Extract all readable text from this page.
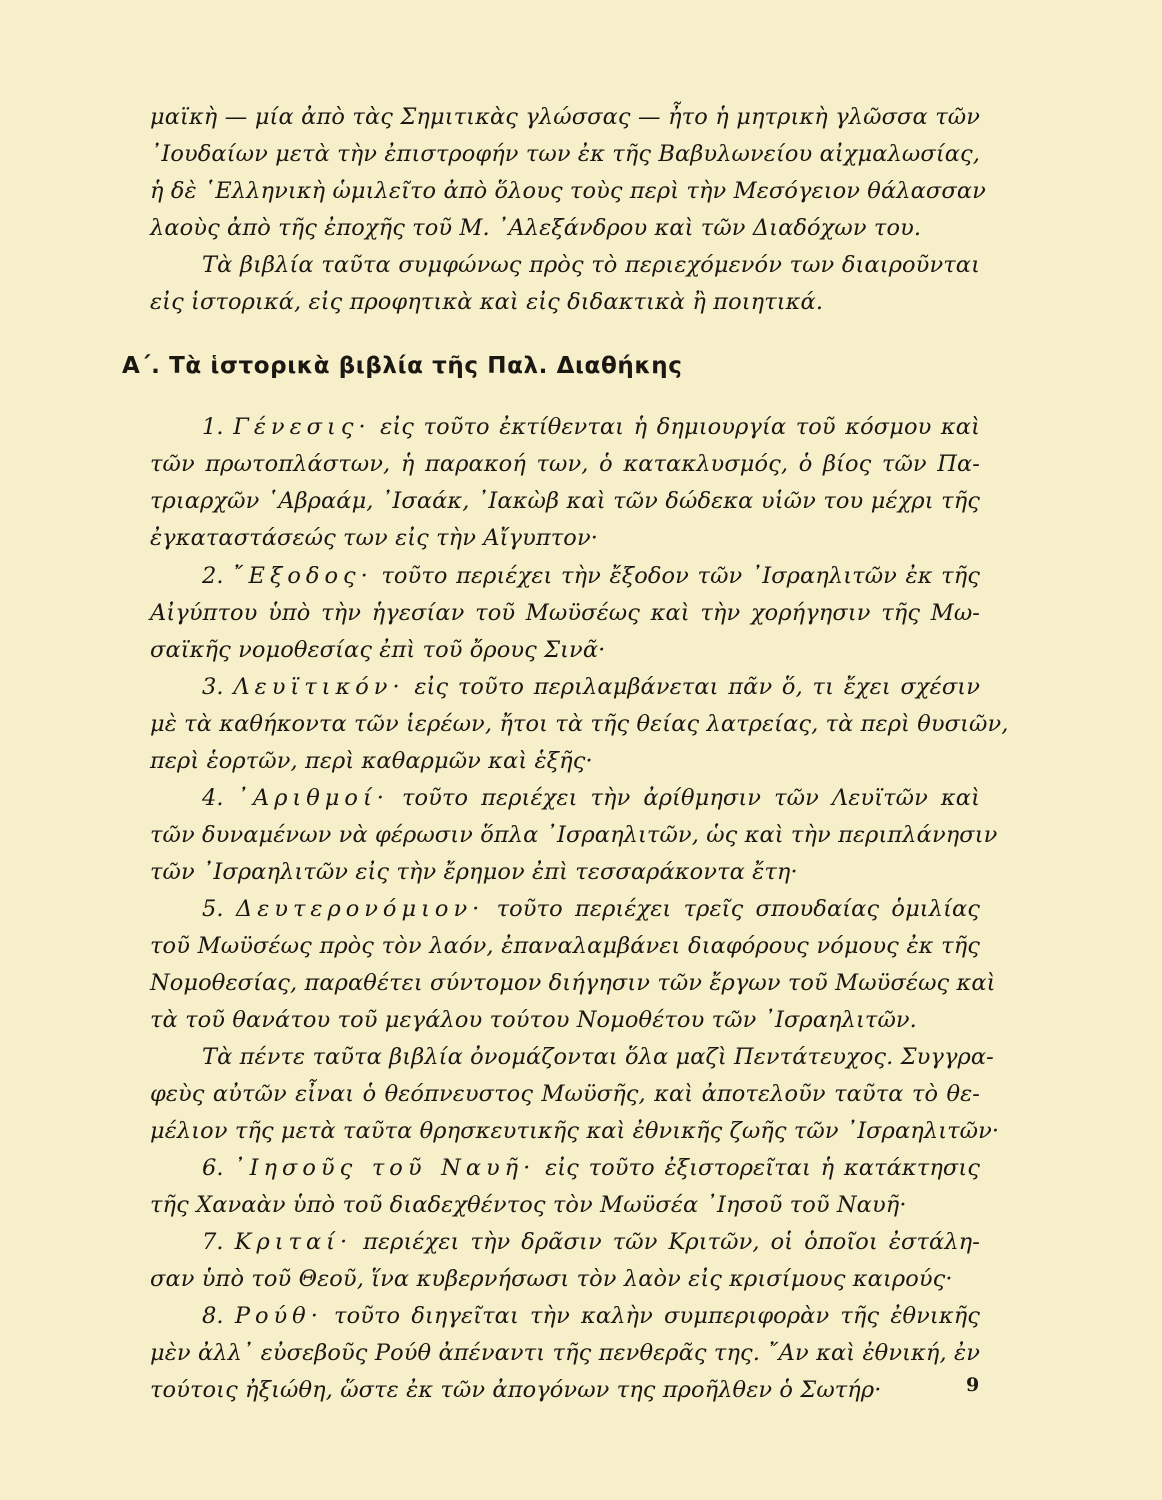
μαϊκὴ — μία ἀπὸ τὰς Σημιτικὰς γλώσσας — ἦτο ἡ μητρικὴ γλῶσσα τῶν
᾿Ιουδαίων μετὰ τὴν ἐπιστροφήν των ἐκ τῆς Βαβυλωνείου αἰχμαλωσίας,
ἡ δὲ ῾Ελληνικὴ ὡμιλεῖτο ἀπὸ ὅλους τοὺς περὶ τὴν Μεσόγειον θάλασσαν
λαοὺς ἀπὸ τῆς ἐποχῆς τοῦ Μ. ᾿Αλεξάνδρου καὶ τῶν Διαδόχων του.
Τὰ βιβλία ταῦτα συμφώνως πρὸς τὸ περιεχόμενόν των διαιροῦνται
εἰς ἱστορικά, εἰς προφητικὰ καὶ εἰς διδακτικὰ ἢ ποιητικά.
1. Γένεσις· εἰς τοῦτο ἐκτίθενται ἡ δημιουργία τοῦ κόσμου καὶ
τῶν πρωτοπλάστων, ἡ παρακοή των, ὁ κατακλυσμός, ὁ βίος τῶν Πα-
τριαρχῶν ῾Αβραάμ, ᾿Ισαάκ, ᾿Ιακὼβ καὶ τῶν δώδεκα υἱῶν του μέχρι τῆς
ἐγκαταστάσεώς των εἰς τὴν Αἴγυπτον·
2. ῎Εξοδος· τοῦτο περιέχει τὴν ἔξοδον τῶν ᾿Ισραηλιτῶν ἐκ τῆς
Αἰγύπτου ὑπὸ τὴν ἡγεσίαν τοῦ Μωϋσέως καὶ τὴν χορήγησιν τῆς Μω-
σαϊκῆς νομοθεσίας ἐπὶ τοῦ ὄρους Σινᾶ·
3. Λευϊτικόν· εἰς τοῦτο περιλαμβάνεται πᾶν ὅ, τι ἔχει σχέσιν
μὲ τὰ καθήκοντα τῶν ἱερέων, ἤτοι τὰ τῆς θείας λατρείας, τὰ περὶ θυσιῶν,
περὶ ἑορτῶν, περὶ καθαρμῶν καὶ ἑξῆς·
4. ᾿Αριθμοί· τοῦτο περιέχει τὴν ἀρίθμησιν τῶν Λευϊτῶν καὶ
τῶν δυναμένων νὰ φέρωσιν ὅπλα ᾿Ισραηλιτῶν, ὡς καὶ τὴν περιπλάνησιν
τῶν ᾿Ισραηλιτῶν εἰς τὴν ἔρημον ἐπὶ τεσσαράκοντα ἔτη·
5. Δευτερονόμιον· τοῦτο περιέχει τρεῖς σπουδαίας ὁμιλίας
τοῦ Μωϋσέως πρὸς τὸν λαόν, ἐπαναλαμβάνει διαφόρους νόμους ἐκ τῆς
Νομοθεσίας, παραθέτει σύντομον διήγησιν τῶν ἔργων τοῦ Μωϋσέως καὶ
τὰ τοῦ θανάτου τοῦ μεγάλου τούτου Νομοθέτου τῶν ᾿Ισραηλιτῶν.
Τὰ πέντε ταῦτα βιβλία ὀνομάζονται ὅλα μαζὶ Πεντάτευχος. Συγγρα-
φεὺς αὐτῶν εἶναι ὁ θεόπνευστος Μωϋσῆς, καὶ ἀποτελοῦν ταῦτα τὸ θε-
μέλιον τῆς μετὰ ταῦτα θρησκευτικῆς καὶ ἐθνικῆς ζωῆς τῶν ᾿Ισραηλιτῶν·
6. ᾿Ιησοῦς τοῦ Ναυῆ· εἰς τοῦτο ἐξιστορεῖται ἡ κατάκτησις
τῆς Χαναὰν ὑπὸ τοῦ διαδεχθέντος τὸν Μωϋσέα ᾿Ιησοῦ τοῦ Ναυῆ·
7. Κριταί· περιέχει τὴν δρᾶσιν τῶν Κριτῶν, οἱ ὁποῖοι ἐστάλη-
σαν ὑπὸ τοῦ Θεοῦ, ἵνα κυβερνήσωσι τὸν λαὸν εἰς κρισίμους καιρούς·
8. Ρούθ· τοῦτο διηγεῖται τὴν καλὴν συμπεριφορὰν τῆς ἐθνικῆς
μὲν ἀλλ᾿ εὐσεβοῦς Ρούθ ἀπέναντι τῆς πενθερᾶς της. ῎Αν καὶ ἐθνική, ἐν
τούτοις ἠξιώθη, ὥστε ἐκ τῶν ἀπογόνων της προῆλθεν ὁ Σωτήρ·
Α΄. Τὰ ἱστορικὰ βιβλία τῆς Παλ. Διαθήκης
9
